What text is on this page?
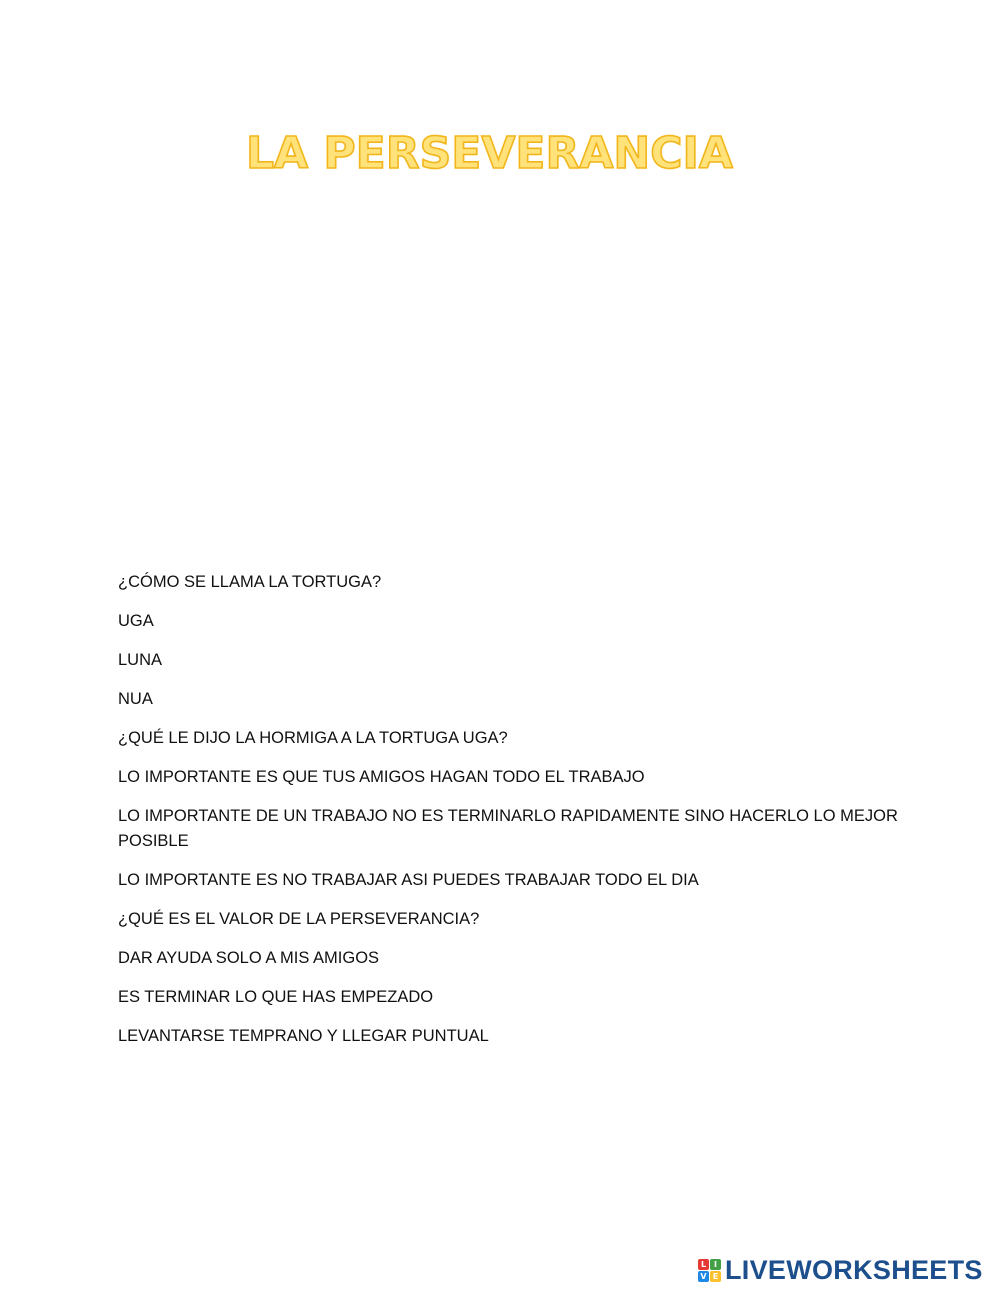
LA PERSEVERANCIA

¿CÓMO SE LLAMA LA TORTUGA?

UGA

LUNA

NUA

¿QUÉ LE DIJO LA HORMIGA A LA TORTUGA UGA?

LO IMPORTANTE ES QUE TUS AMIGOS HAGAN TODO EL TRABAJO

LO IMPORTANTE DE UN TRABAJO NO ES TERMINARLO RAPIDAMENTE SINO HACERLO LO MEJOR POSIBLE

LO IMPORTANTE ES NO TRABAJAR ASI PUEDES TRABAJAR TODO EL DIA

¿QUÉ ES EL VALOR DE LA PERSEVERANCIA?

DAR AYUDA SOLO A MIS AMIGOS

ES TERMINAR LO QUE HAS EMPEZADO

LEVANTARSE TEMPRANO Y LLEGAR PUNTUAL

L I
V E LIVEWORKSHEETS
